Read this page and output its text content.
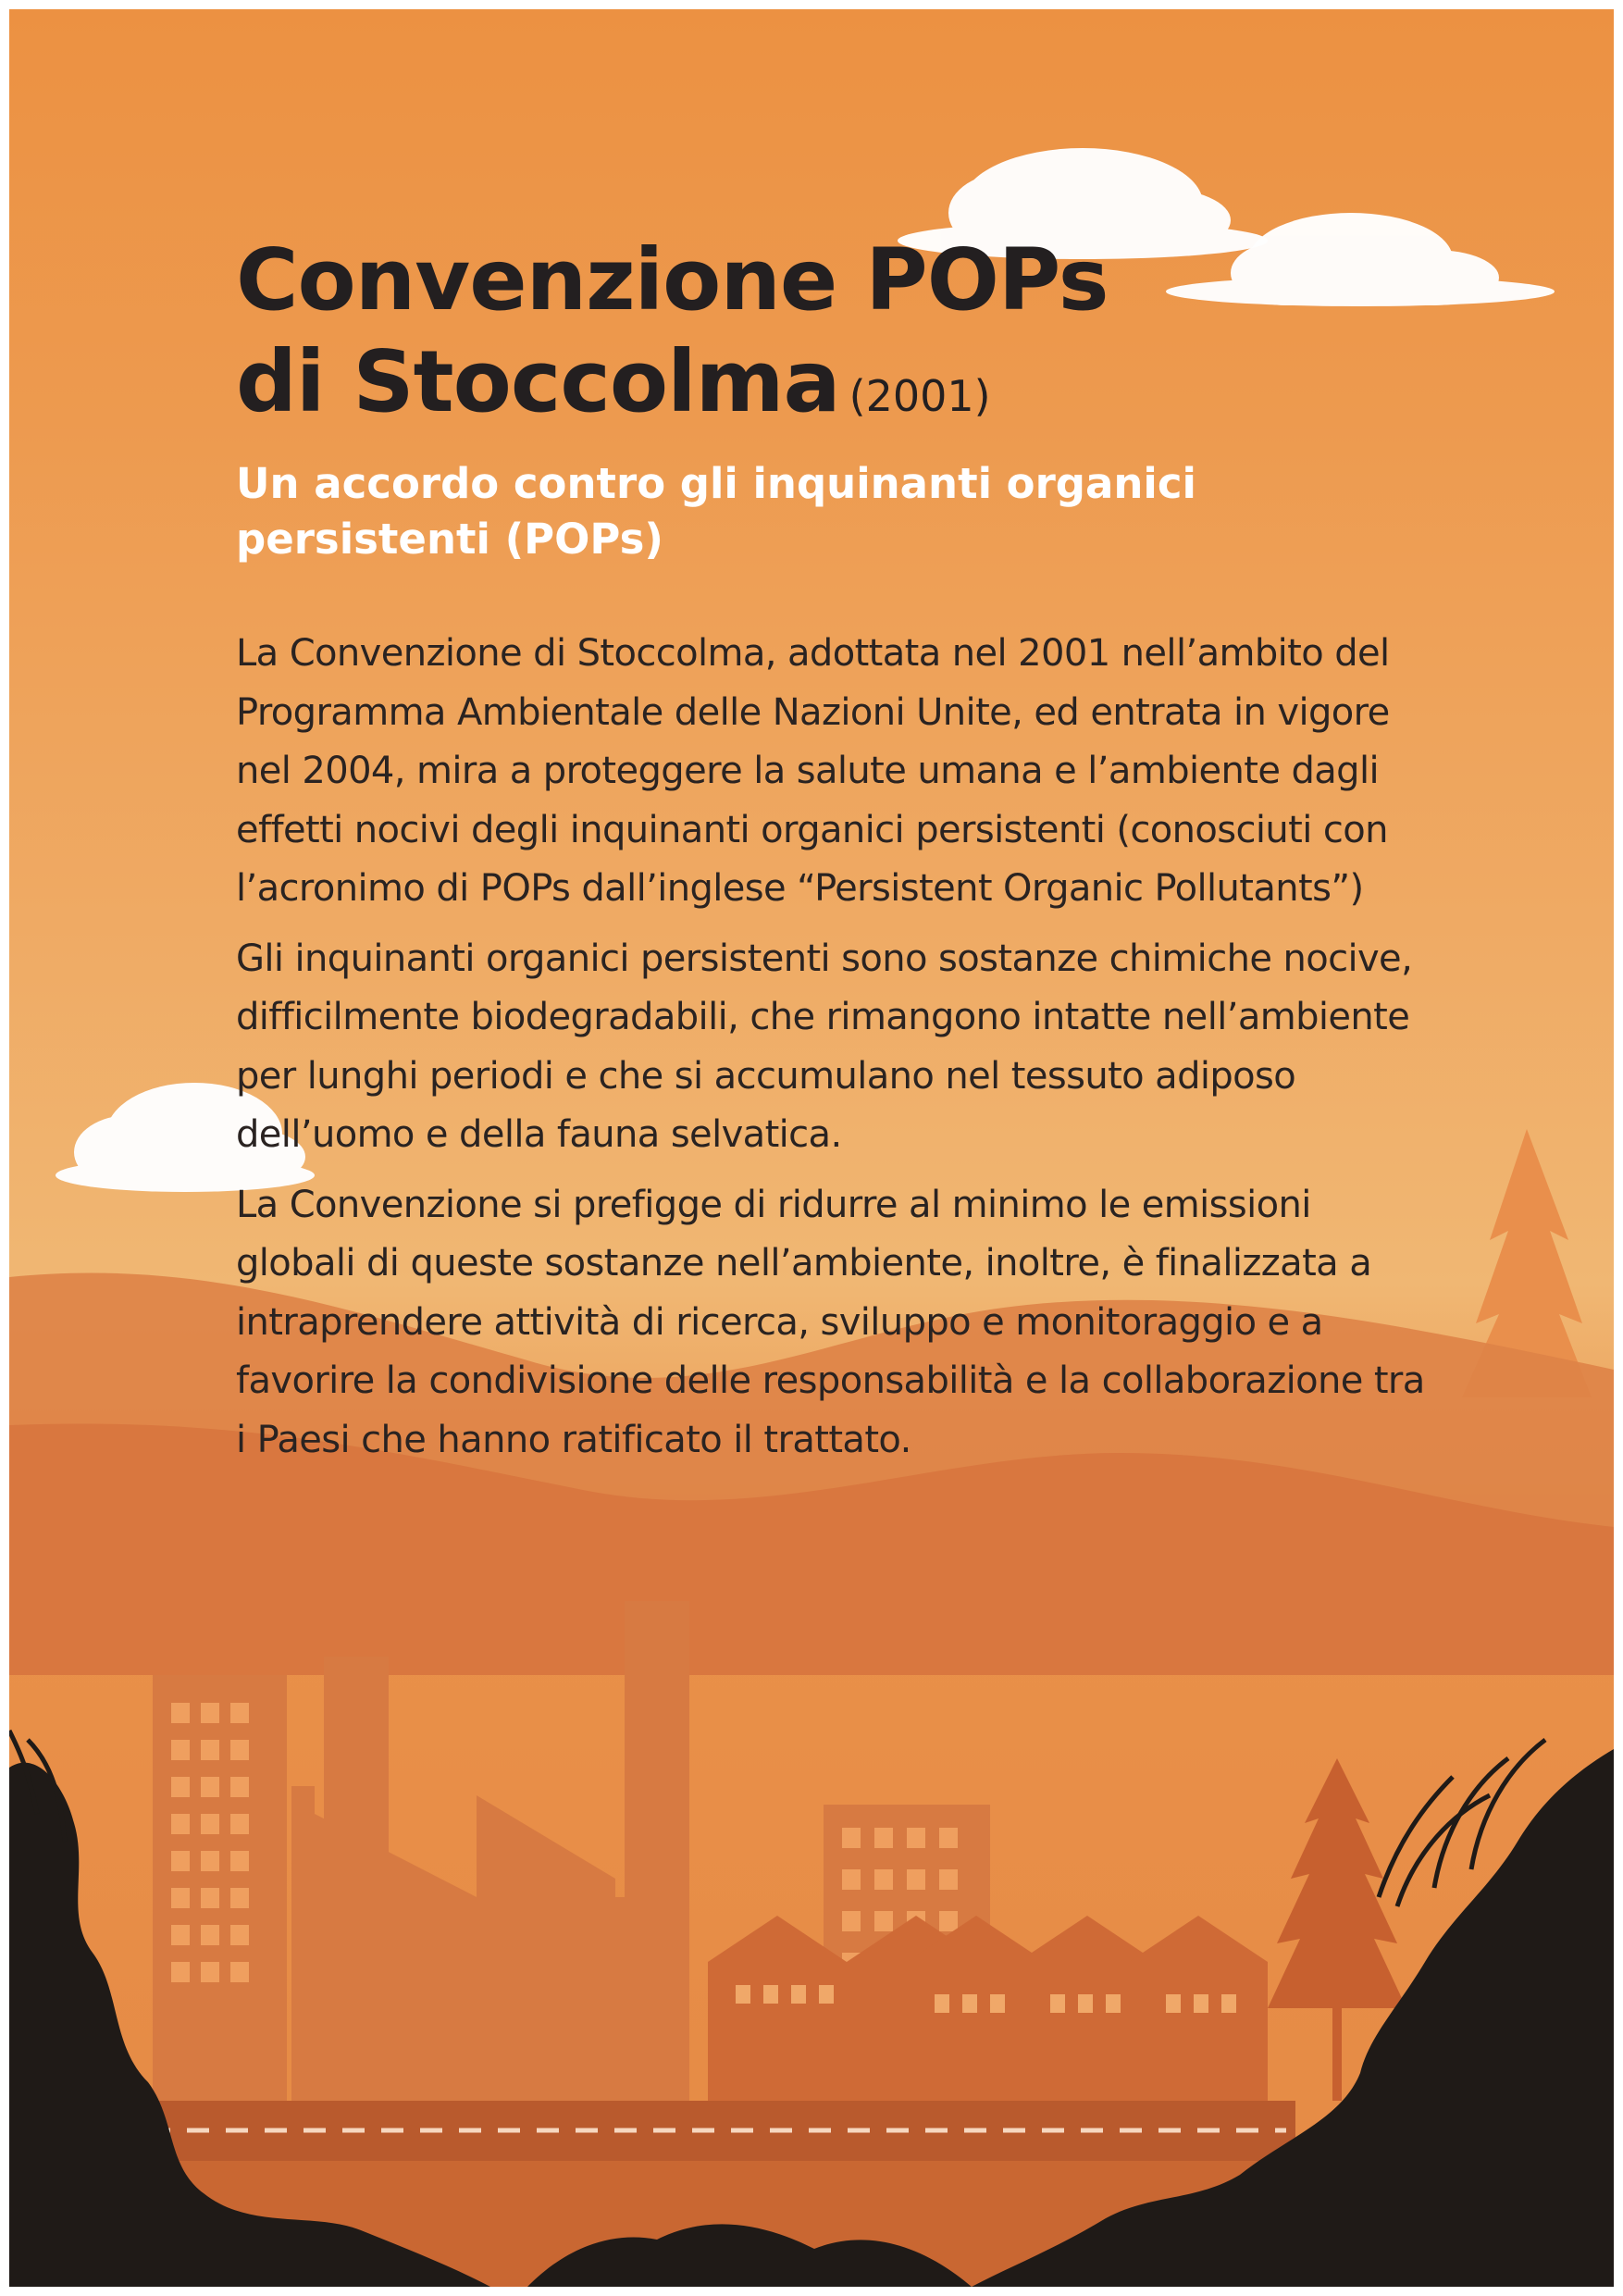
Convenzione POPs
di Stoccolma (2001)
Un accordo contro gli inquinanti organici persistenti (POPs)

La Convenzione di Stoccolma, adottata nel 2001 nell’ambito del Programma Ambientale delle Nazioni Unite, ed entrata in vigore nel 2004, mira a proteggere la salute umana e l’ambiente dagli effetti nocivi degli inquinanti organici persistenti (conosciuti con l’acronimo di POPs dall’inglese “Persistent Organic Pollutants”)

Gli inquinanti organici persistenti sono sostanze chimiche nocive, difficilmente biodegradabili, che rimangono intatte nell’ambiente per lunghi periodi e che si accumulano nel tessuto adiposo dell’uomo e della fauna selvatica.

La Convenzione si prefigge di ridurre al minimo le emissioni globali di queste sostanze nell’ambiente, inoltre, è finalizzata a intraprendere attività di ricerca, sviluppo e monitoraggio e a favorire la condivisione delle responsabilità e la collaborazione tra i Paesi che hanno ratificato il trattato.
